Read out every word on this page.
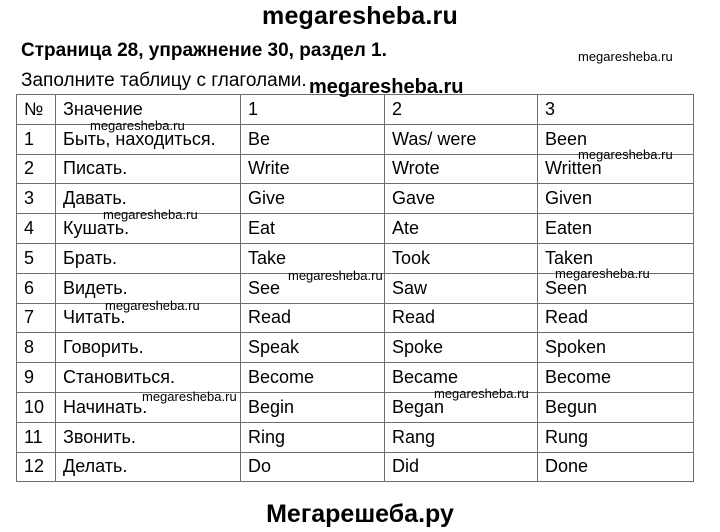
megaresheba.ru
Страница 28, упражнение 30, раздел 1.
Заполните таблицу с глаголами.
№	Значение	1	2	3
1	Быть, находиться.	Be	Was/ were	Been
2	Писать.	Write	Wrote	Written
3	Давать.	Give	Gave	Given
4	Кушать.	Eat	Ate	Eaten
5	Брать.	Take	Took	Taken
6	Видеть.	See	Saw	Seen
7	Читать.	Read	Read	Read
8	Говорить.	Speak	Spoke	Spoken
9	Становиться.	Become	Became	Become
10	Начинать.	Begin	Began	Begun
11	Звонить.	Ring	Rang	Rung
12	Делать.	Do	Did	Done
megaresheba.ru
megaresheba.ru
megaresheba.ru
megaresheba.ru
megaresheba.ru
megaresheba.ru	megaresheba.ru
megaresheba.ru
megaresheba.ru	megaresheba.ru
Мегарешеба.ру
